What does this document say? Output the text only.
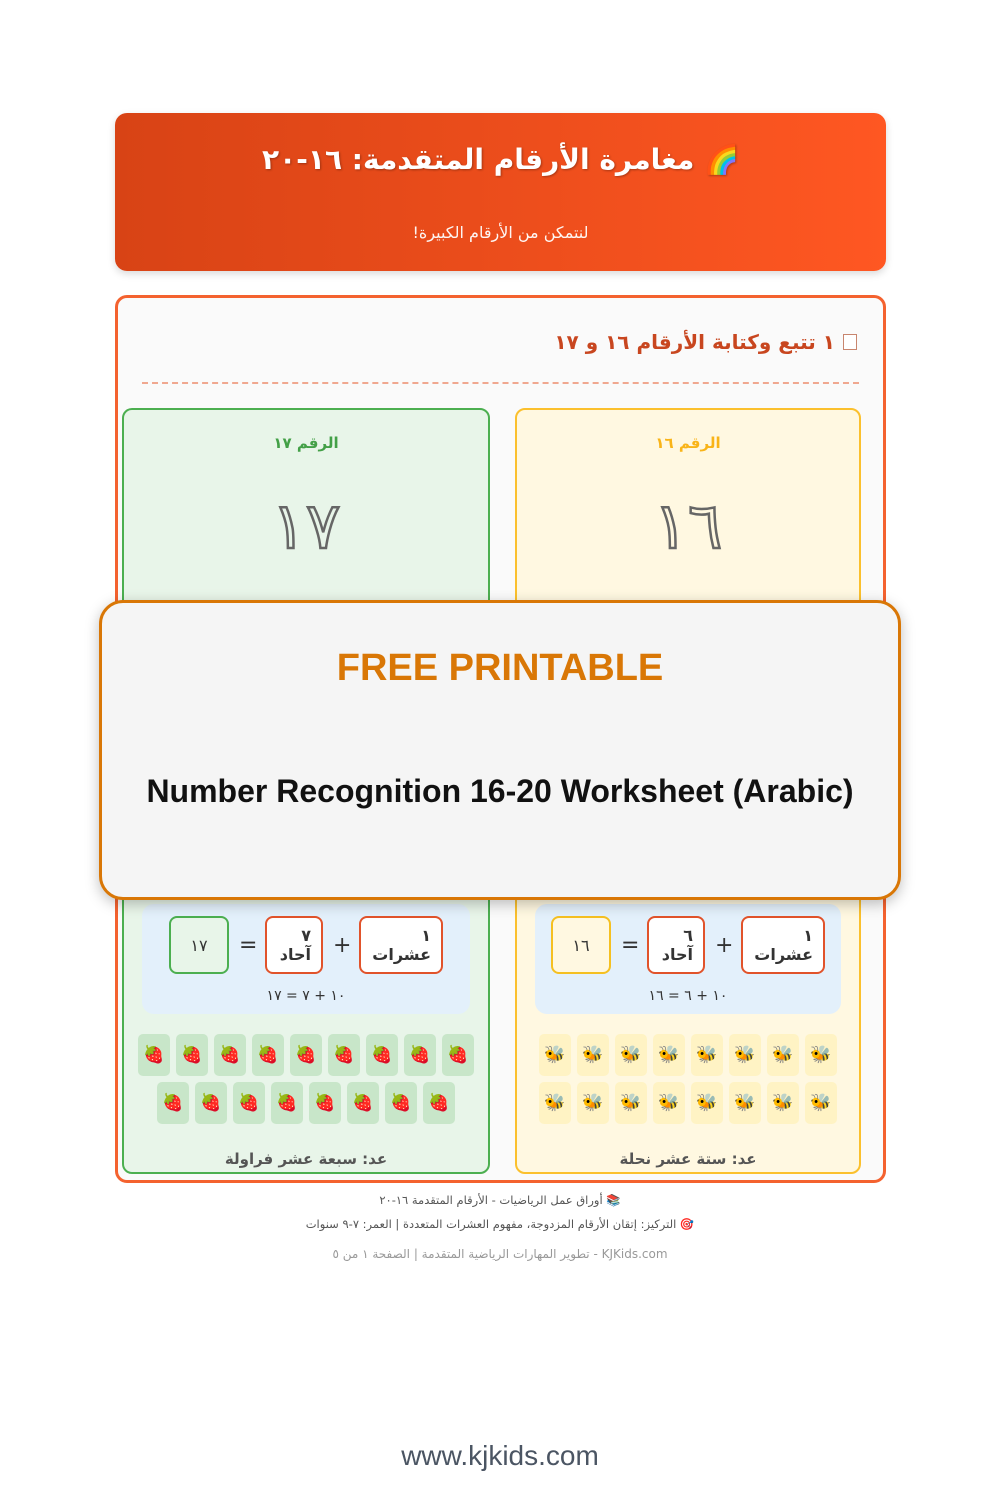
🌈 مغامرة الأرقام المتقدمة: ١٦-٢٠
لنتمكن من الأرقام الكبيرة!
١ تتبع وكتابة الأرقام ١٦ و ١٧
الرقم ١٦
١٦
١ عشرات
+
٦ آحاد
=
١٦
١٠ + ٦ = ١٦
🐝 🐝 🐝 🐝 🐝 🐝 🐝 🐝
🐝 🐝 🐝 🐝 🐝 🐝 🐝 🐝
عد: ستة عشر نحلة
الرقم ١٧
١٧
١ عشرات
+
٧ آحاد
=
١٧
١٠ + ٧ = ١٧
🍓 🍓 🍓 🍓 🍓 🍓 🍓 🍓 🍓
🍓 🍓 🍓 🍓 🍓 🍓 🍓 🍓
عد: سبعة عشر فراولة
FREE PRINTABLE
Number Recognition 16-20 Worksheet (Arabic)
📚 أوراق عمل الرياضيات - الأرقام المتقدمة ١٦-٢٠
🎯 التركيز: إتقان الأرقام المزدوجة، مفهوم العشرات المتعددة | العمر: ٧-٩ سنوات
KJKids.com - تطوير المهارات الرياضية المتقدمة | الصفحة ١ من ٥
www.kjkids.com
